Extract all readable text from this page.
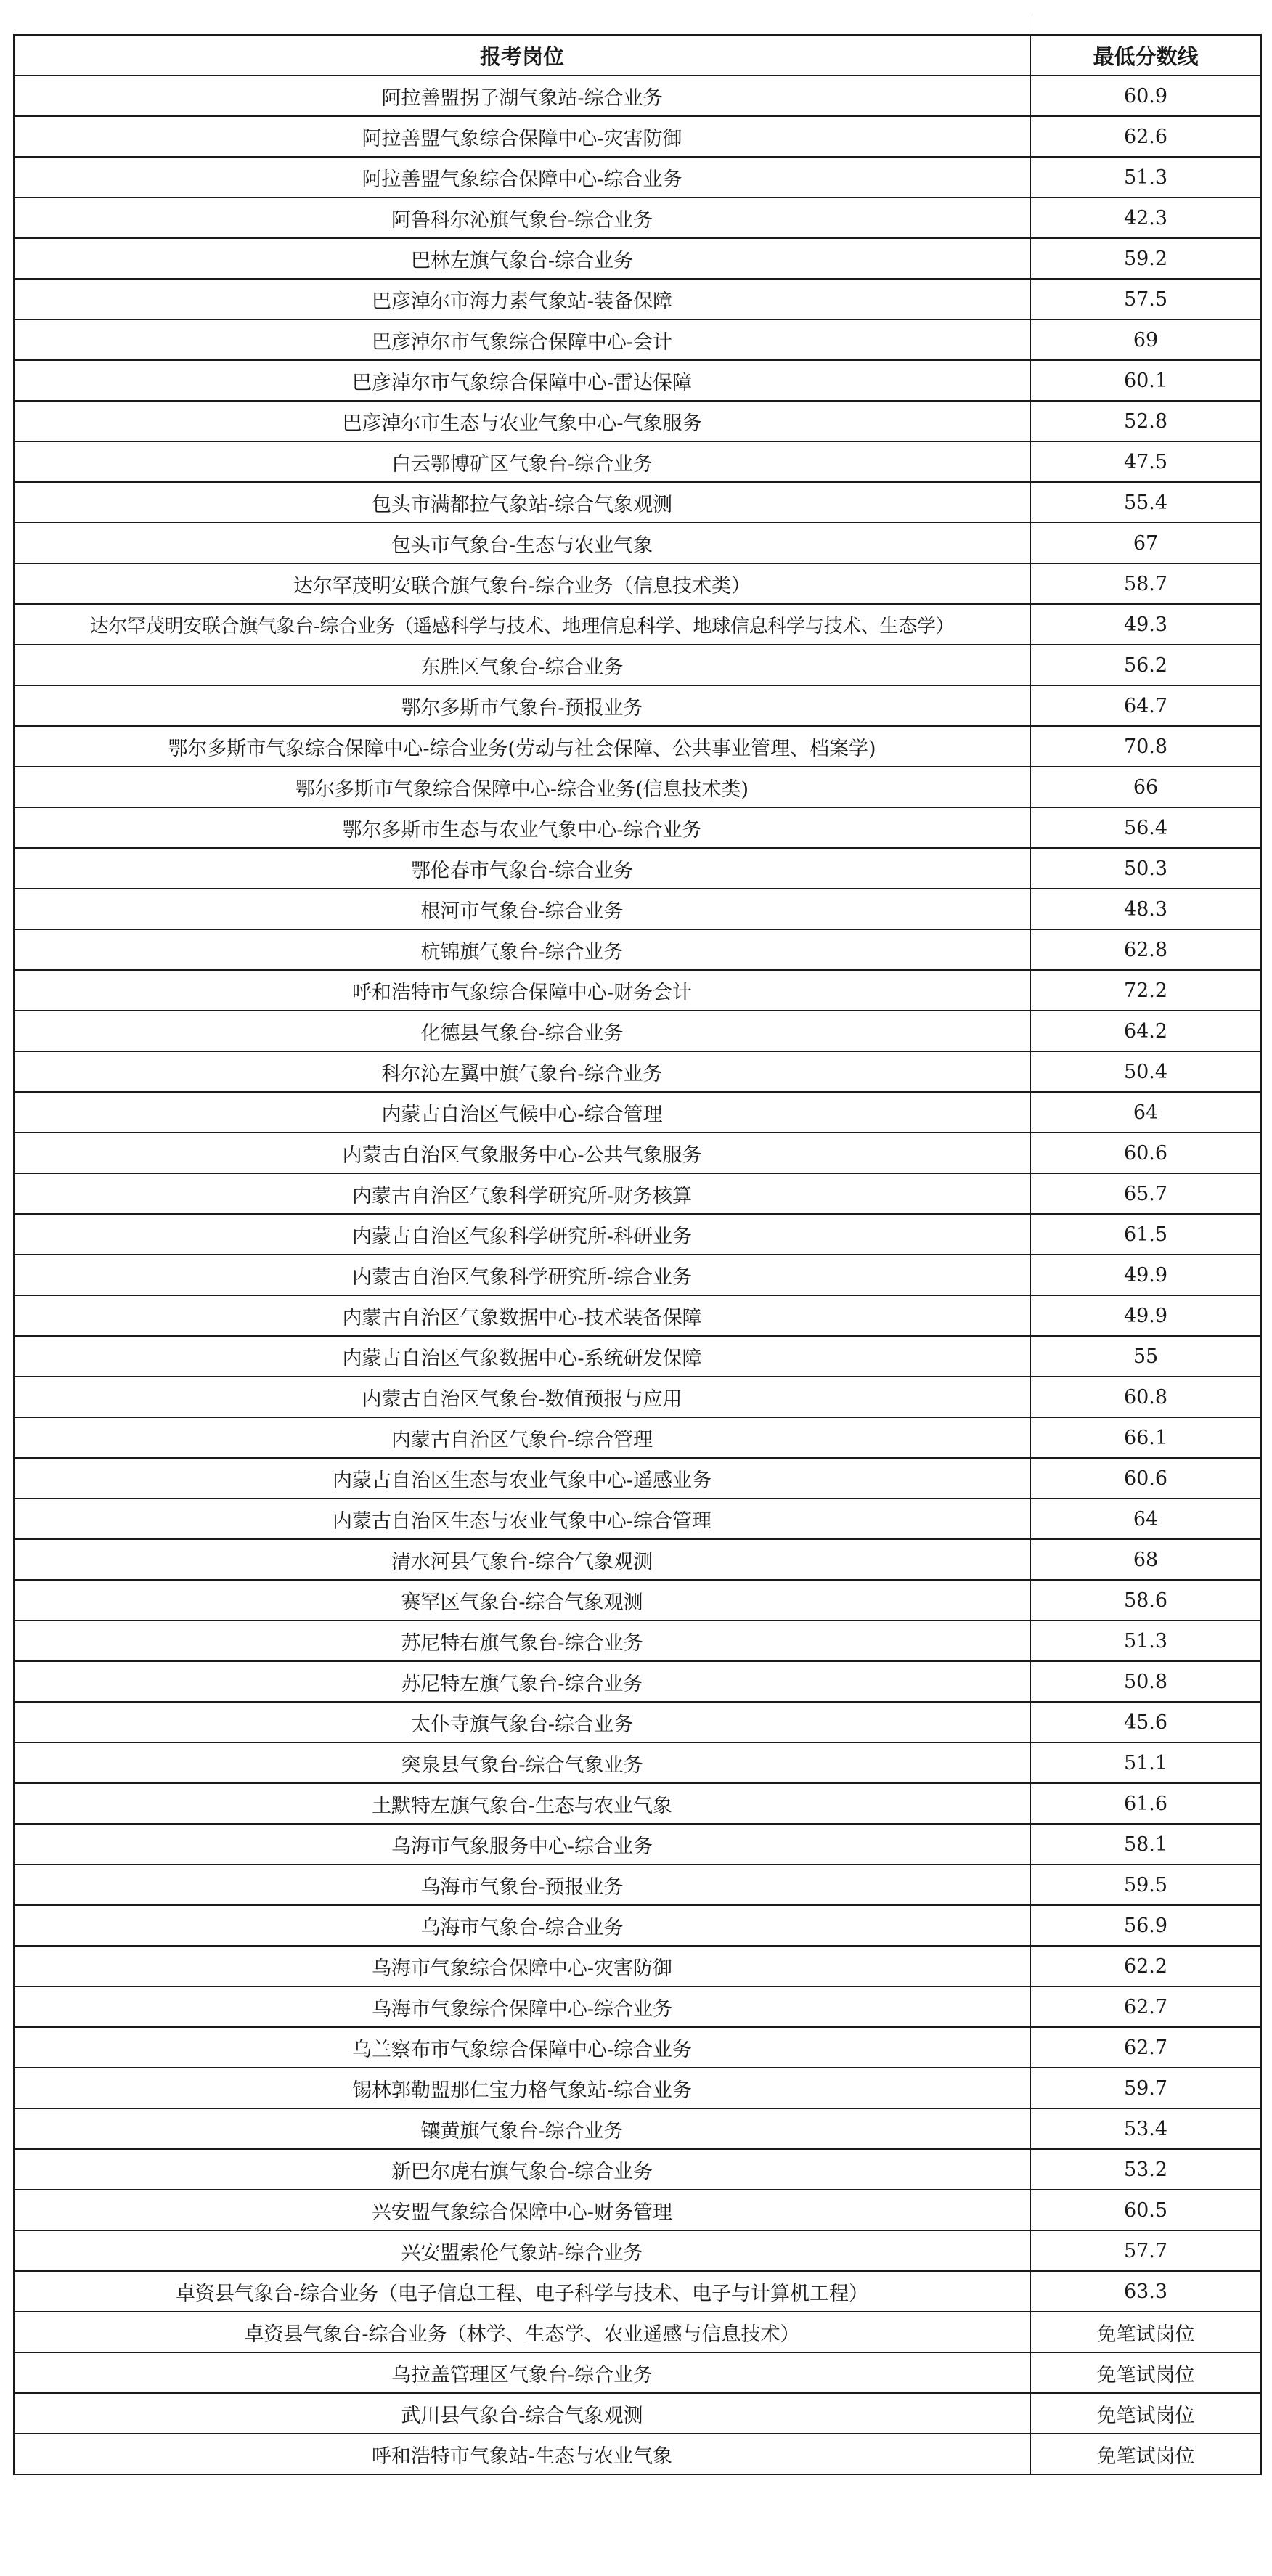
报考岗位	最低分数线
阿拉善盟拐子湖气象站-综合业务	60.9
阿拉善盟气象综合保障中心-灾害防御	62.6
阿拉善盟气象综合保障中心-综合业务	51.3
阿鲁科尔沁旗气象台-综合业务	42.3
巴林左旗气象台-综合业务	59.2
巴彦淖尔市海力素气象站-装备保障	57.5
巴彦淖尔市气象综合保障中心-会计	69
巴彦淖尔市气象综合保障中心-雷达保障	60.1
巴彦淖尔市生态与农业气象中心-气象服务	52.8
白云鄂博矿区气象台-综合业务	47.5
包头市满都拉气象站-综合气象观测	55.4
包头市气象台-生态与农业气象	67
达尔罕茂明安联合旗气象台-综合业务（信息技术类）	58.7
达尔罕茂明安联合旗气象台-综合业务（遥感科学与技术、地理信息科学、地球信息科学与技术、生态学）	49.3
东胜区气象台-综合业务	56.2
鄂尔多斯市气象台-预报业务	64.7
鄂尔多斯市气象综合保障中心-综合业务(劳动与社会保障、公共事业管理、档案学)	70.8
鄂尔多斯市气象综合保障中心-综合业务(信息技术类)	66
鄂尔多斯市生态与农业气象中心-综合业务	56.4
鄂伦春市气象台-综合业务	50.3
根河市气象台-综合业务	48.3
杭锦旗气象台-综合业务	62.8
呼和浩特市气象综合保障中心-财务会计	72.2
化德县气象台-综合业务	64.2
科尔沁左翼中旗气象台-综合业务	50.4
内蒙古自治区气候中心-综合管理	64
内蒙古自治区气象服务中心-公共气象服务	60.6
内蒙古自治区气象科学研究所-财务核算	65.7
内蒙古自治区气象科学研究所-科研业务	61.5
内蒙古自治区气象科学研究所-综合业务	49.9
内蒙古自治区气象数据中心-技术装备保障	49.9
内蒙古自治区气象数据中心-系统研发保障	55
内蒙古自治区气象台-数值预报与应用	60.8
内蒙古自治区气象台-综合管理	66.1
内蒙古自治区生态与农业气象中心-遥感业务	60.6
内蒙古自治区生态与农业气象中心-综合管理	64
清水河县气象台-综合气象观测	68
赛罕区气象台-综合气象观测	58.6
苏尼特右旗气象台-综合业务	51.3
苏尼特左旗气象台-综合业务	50.8
太仆寺旗气象台-综合业务	45.6
突泉县气象台-综合气象业务	51.1
土默特左旗气象台-生态与农业气象	61.6
乌海市气象服务中心-综合业务	58.1
乌海市气象台-预报业务	59.5
乌海市气象台-综合业务	56.9
乌海市气象综合保障中心-灾害防御	62.2
乌海市气象综合保障中心-综合业务	62.7
乌兰察布市气象综合保障中心-综合业务	62.7
锡林郭勒盟那仁宝力格气象站-综合业务	59.7
镶黄旗气象台-综合业务	53.4
新巴尔虎右旗气象台-综合业务	53.2
兴安盟气象综合保障中心-财务管理	60.5
兴安盟索伦气象站-综合业务	57.7
卓资县气象台-综合业务（电子信息工程、电子科学与技术、电子与计算机工程）	63.3
卓资县气象台-综合业务（林学、生态学、农业遥感与信息技术）	免笔试岗位
乌拉盖管理区气象台-综合业务	免笔试岗位
武川县气象台-综合气象观测	免笔试岗位
呼和浩特市气象站-生态与农业气象	免笔试岗位
